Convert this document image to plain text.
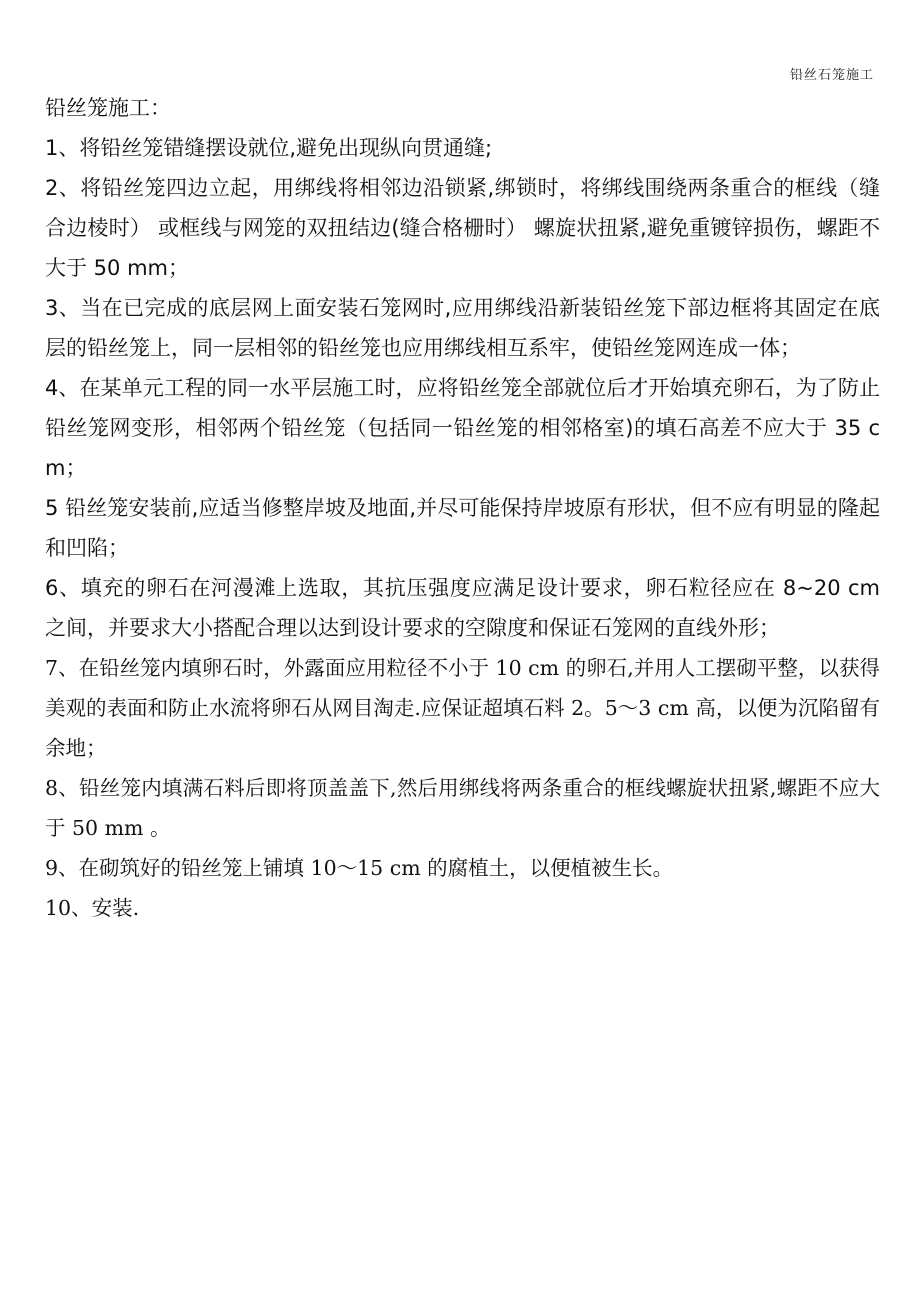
铅丝石笼施工
铅丝笼施工：

1、将铅丝笼错缝摆设就位,避免出现纵向贯通缝;

2、将铅丝笼四边立起，用绑线将相邻边沿锁紧,绑锁时，将绑线围绕两条重合的框线（缝合边棱时） 或框线与网笼的双扭结边(缝合格栅时） 螺旋状扭紧,避免重镀锌损伤，螺距不大于 50 mm；

3、当在已完成的底层网上面安装石笼网时,应用绑线沿新装铅丝笼下部边框将其固定在底层的铅丝笼上，同一层相邻的铅丝笼也应用绑线相互系牢，使铅丝笼网连成一体；

4、在某单元工程的同一水平层施工时，应将铅丝笼全部就位后才开始填充卵石，为了防止铅丝笼网变形，相邻两个铅丝笼（包括同一铅丝笼的相邻格室)的填石高差不应大于 35 cm；

5 铅丝笼安装前,应适当修整岸坡及地面,并尽可能保持岸坡原有形状，但不应有明显的隆起和凹陷；

6、填充的卵石在河漫滩上选取，其抗压强度应满足设计要求，卵石粒径应在 8~20 cm 之间，并要求大小搭配合理以达到设计要求的空隙度和保证石笼网的直线外形；

7、在铅丝笼内填卵石时，外露面应用粒径不小于 10 cm 的卵石,并用人工摆砌平整，以获得美观的表面和防止水流将卵石从网目淘走.应保证超填石料 2。5～3 cm 高，以便为沉陷留有余地；

8、铅丝笼内填满石料后即将顶盖盖下,然后用绑线将两条重合的框线螺旋状扭紧,螺距不应大于 50 mm 。

9、在砌筑好的铅丝笼上铺填 10～15 cm 的腐植土，以便植被生长。

10、安装.
